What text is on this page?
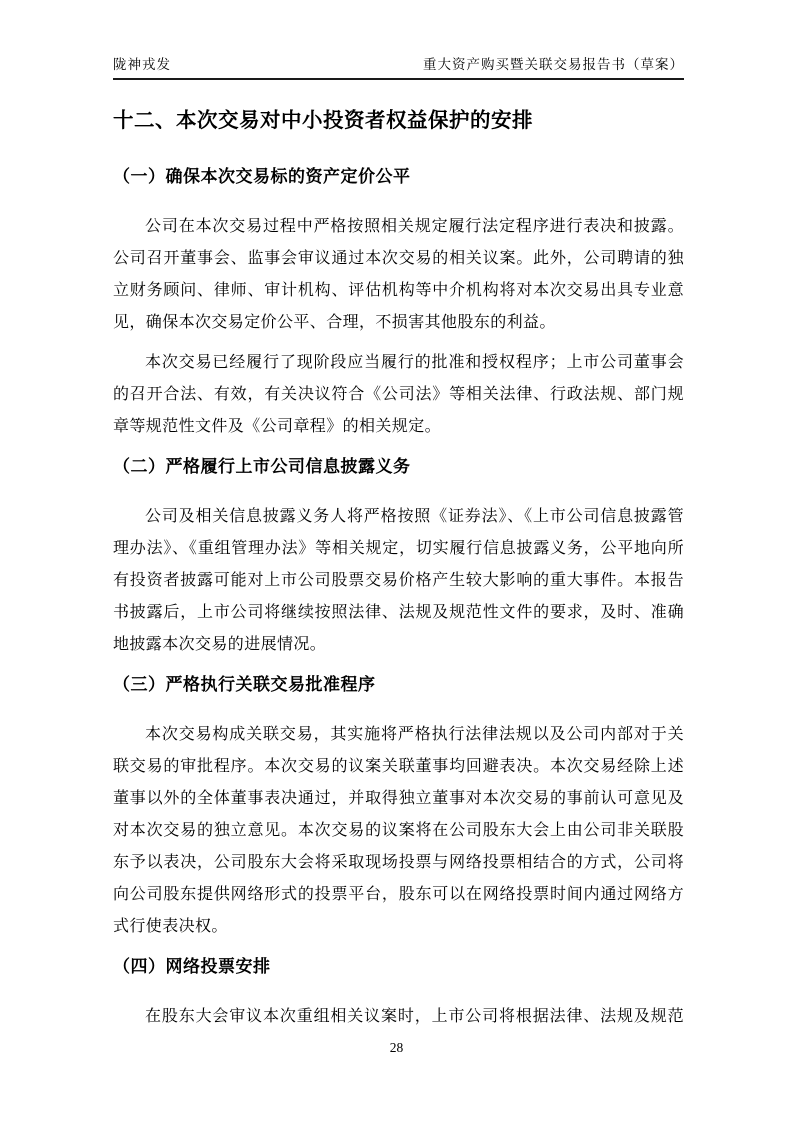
陇神戎发	重大资产购买暨关联交易报告书（草案）
十二、本次交易对中小投资者权益保护的安排
（一）确保本次交易标的资产定价公平

公司在本次交易过程中严格按照相关规定履行法定程序进行表决和披露。公司召开董事会、监事会审议通过本次交易的相关议案。此外，公司聘请的独立财务顾问、律师、审计机构、评估机构等中介机构将对本次交易出具专业意见，确保本次交易定价公平、合理，不损害其他股东的利益。

本次交易已经履行了现阶段应当履行的批准和授权程序；上市公司董事会的召开合法、有效，有关决议符合《公司法》等相关法律、行政法规、部门规章等规范性文件及《公司章程》的相关规定。

（二）严格履行上市公司信息披露义务

公司及相关信息披露义务人将严格按照《证券法》、《上市公司信息披露管理办法》、《重组管理办法》等相关规定，切实履行信息披露义务，公平地向所有投资者披露可能对上市公司股票交易价格产生较大影响的重大事件。本报告书披露后，上市公司将继续按照法律、法规及规范性文件的要求，及时、准确地披露本次交易的进展情况。

（三）严格执行关联交易批准程序

本次交易构成关联交易，其实施将严格执行法律法规以及公司内部对于关联交易的审批程序。本次交易的议案关联董事均回避表决。本次交易经除上述董事以外的全体董事表决通过，并取得独立董事对本次交易的事前认可意见及对本次交易的独立意见。本次交易的议案将在公司股东大会上由公司非关联股东予以表决，公司股东大会将采取现场投票与网络投票相结合的方式，公司将向公司股东提供网络形式的投票平台，股东可以在网络投票时间内通过网络方式行使表决权。

（四）网络投票安排

在股东大会审议本次重组相关议案时，上市公司将根据法律、法规及规范

28
